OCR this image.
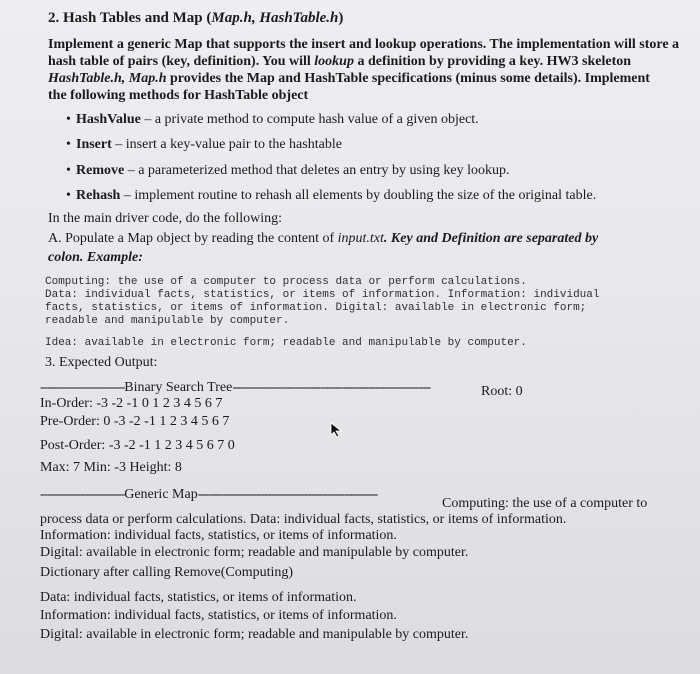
2. Hash Tables and Map (Map.h, HashTable.h)
Implement a generic Map that supports the insert and lookup operations. The implementation will store a
hash table of pairs (key, definition). You will lookup a definition by providing a key. HW3 skeleton
HashTable.h, Map.h provides the Map and HashTable specifications (minus some details). Implement
the following methods for HashTable object
• HashValue – a private method to compute hash value of a given object.
• Insert – insert a key-value pair to the hashtable
• Remove – a parameterized method that deletes an entry by using key lookup.
• Rehash – implement routine to rehash all elements by doubling the size of the original table.
In the main driver code, do the following:
A. Populate a Map object by reading the content of input.txt. Key and Definition are separated by
colon. Example:
Computing: the use of a computer to process data or perform calculations.
Data: individual facts, statistics, or items of information. Information: individual
facts, statistics, or items of information. Digital: available in electronic form;
readable and manipulable by computer.
Idea: available in electronic form; readable and manipulable by computer.
3. Expected Output:
-----------------------Binary Search Tree------------------------------------------------------	Root: 0
In-Order: -3 -2 -1 0 1 2 3 4 5 6 7
Pre-Order: 0 -3 -2 -1 1 2 3 4 5 6 7
Post-Order: -3 -2 -1 1 2 3 4 5 6 7 0
Max: 7 Min: -3 Height: 8
-----------------------Generic Map-------------------------------------------------
Computing: the use of a computer to
process data or perform calculations. Data: individual facts, statistics, or items of information.
Information: individual facts, statistics, or items of information.
Digital: available in electronic form; readable and manipulable by computer.
Dictionary after calling Remove(Computing)
Data: individual facts, statistics, or items of information.
Information: individual facts, statistics, or items of information.
Digital: available in electronic form; readable and manipulable by computer.
